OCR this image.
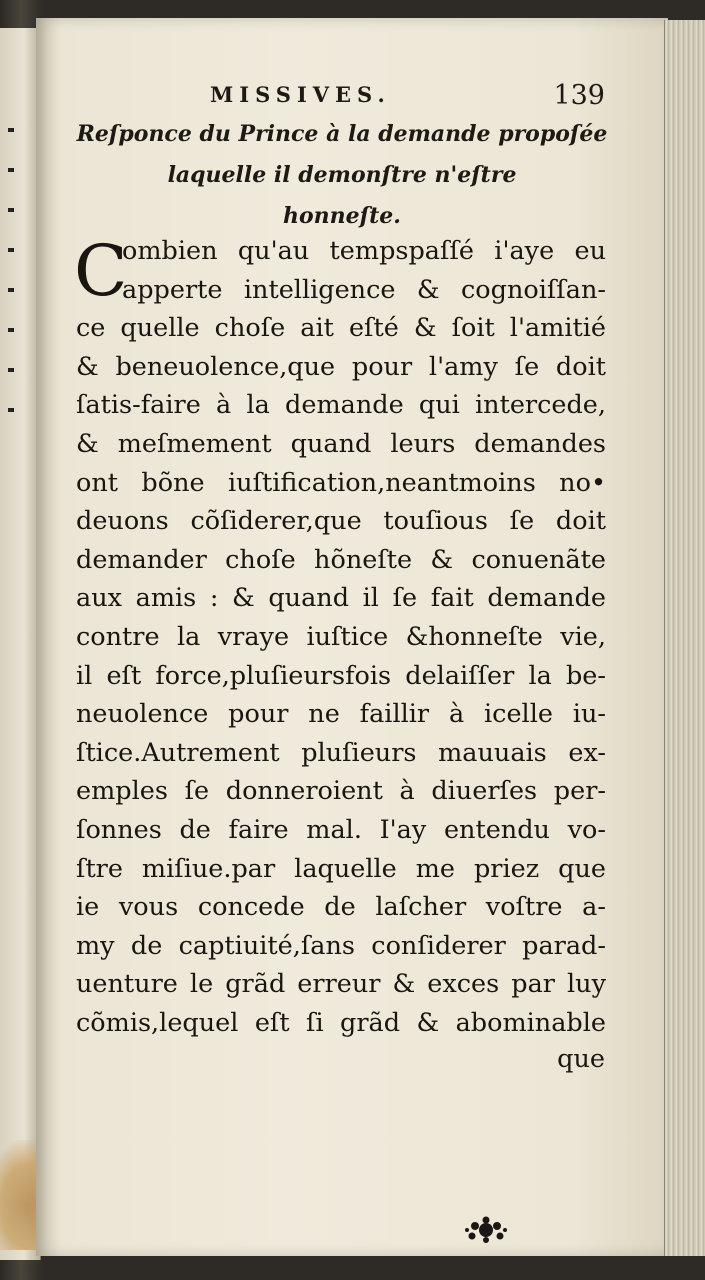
MISSIVES.	139
Reſponce du Prince à la demande propoſée
laquelle il demonſtre n'eſtre
honneſte.
C
ombien qu'au tempspaſſé i'aye eu
apperte intelligence & cognoiſſan-
ce quelle choſe ait eſté & ſoit l'amitié
& beneuolence,que pour l'amy ſe doit
ſatis-faire à la demande qui intercede,
& meſmement quand leurs demandes
ont bõne iuſtification,neantmoins no•
deuons cõſiderer,que touſious ſe doit
demander choſe hõneſte & conuenãte
aux amis : & quand il ſe fait demande
contre la vraye iuſtice &honneſte vie,
il eſt force,pluſieursfois delaiſſer la be-
neuolence pour ne faillir à icelle iu-
ſtice.Autrement pluſieurs mauuais ex-
emples ſe donneroient à diuerſes per-
ſonnes de faire mal. I'ay entendu vo-
ſtre miſiue.par laquelle me priez que
ie vous concede de laſcher voſtre a-
my de captiuité,ſans conſiderer parad-
uenture le grãd erreur & exces par luy
cõmis,lequel eſt ſi grãd & abominable
que
